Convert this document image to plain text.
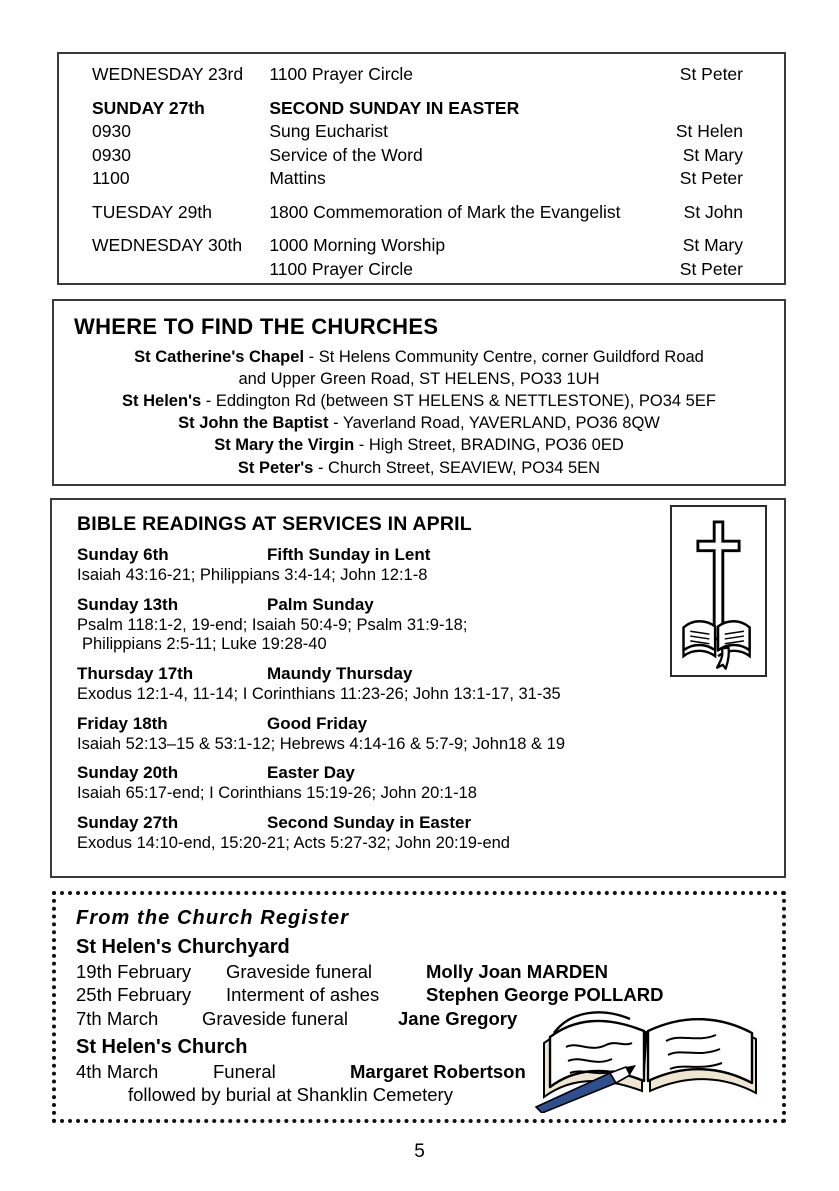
WEDNESDAY 23rd	1100 Prayer Circle	St Peter
SUNDAY 27th	SECOND SUNDAY IN EASTER	
0930	Sung Eucharist	St Helen
0930	Service of the Word	St Mary
1100	Mattins	St Peter
TUESDAY 29th	1800 Commemoration of Mark the Evangelist	St John
WEDNESDAY 30th	1000 Morning Worship	St Mary
	1100 Prayer Circle	St Peter
WHERE TO FIND THE CHURCHES
St Catherine's Chapel - St Helens Community Centre, corner Guildford Road
and Upper Green Road, ST HELENS, PO33 1UH
St Helen's - Eddington Rd (between ST HELENS & NETTLESTONE), PO34 5EF
St John the Baptist - Yaverland Road, YAVERLAND, PO36 8QW
St Mary the Virgin - High Street, BRADING, PO36 0ED
St Peter's - Church Street, SEAVIEW, PO34 5EN
BIBLE READINGS AT SERVICES IN APRIL
Sunday 6th	Fifth Sunday in Lent
Isaiah 43:16-21; Philippians 3:4-14; John 12:1-8
Sunday 13th	Palm Sunday
Psalm 118:1-2, 19-end; Isaiah 50:4-9; Psalm 31:9-18;
Philippians 2:5-11; Luke 19:28-40
Thursday 17th	Maundy Thursday
Exodus 12:1-4, 11-14; I Corinthians 11:23-26; John 13:1-17, 31-35
Friday 18th	Good Friday
Isaiah 52:13–15 & 53:1-12; Hebrews 4:14-16 & 5:7-9; John18 & 19
Sunday 20th	Easter Day
Isaiah 65:17-end; I Corinthians 15:19-26; John 20:1-18
Sunday 27th	Second Sunday in Easter
Exodus 14:10-end, 15:20-21; Acts 5:27-32; John 20:19-end
From the Church Register
St Helen's Churchyard
19th February Graveside funeral	Molly Joan MARDEN
25th February Interment of ashes	Stephen George POLLARD
7th March Graveside funeral	Jane Gregory
St Helen's Church
4th March	Funeral	Margaret Robertson
followed by burial at Shanklin Cemetery
5
